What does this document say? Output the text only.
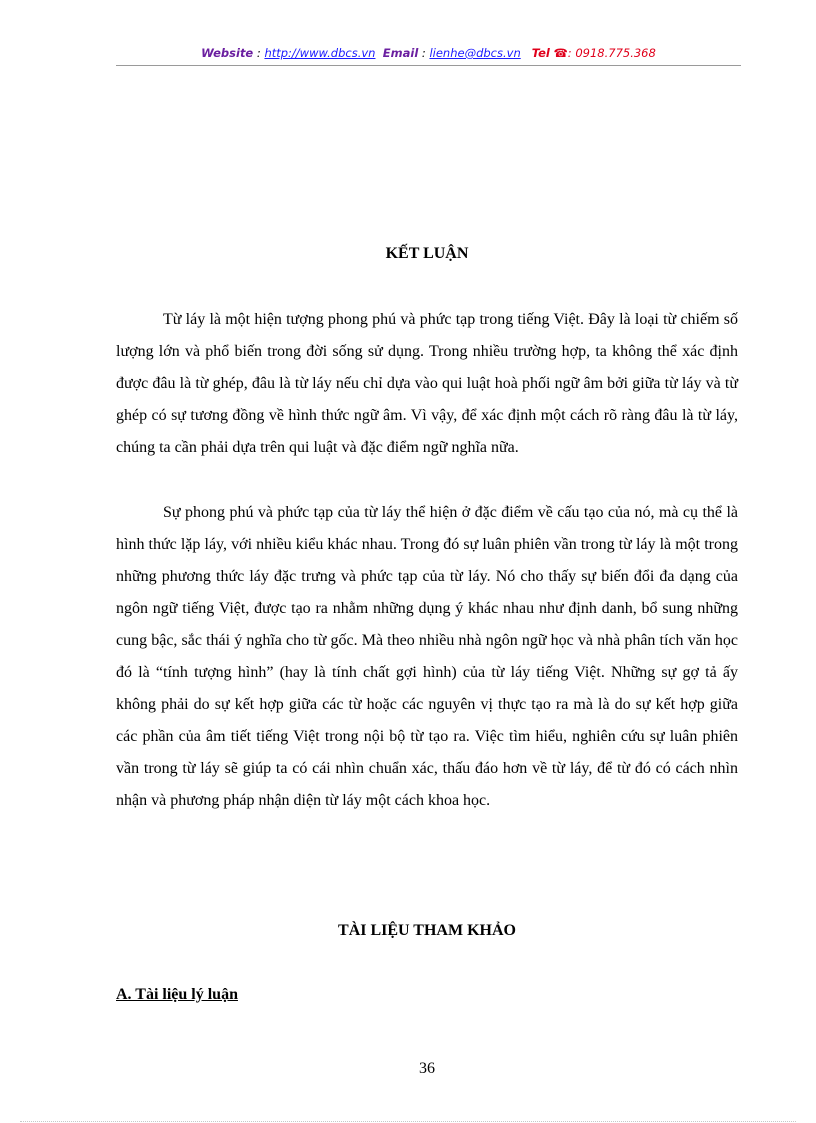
Website : http://www.dbcs.vn Email : lienhe@dbcs.vn Tel ☎: 0918.775.368
KẾT LUẬN

Từ láy là một hiện tượng phong phú và phức tạp trong tiếng Việt. Đây là loại từ chiếm số lượng lớn và phổ biến trong đời sống sử dụng. Trong nhiều trường hợp, ta không thể xác định được đâu là từ ghép, đâu là từ láy nếu chỉ dựa vào qui luật hoà phối ngữ âm bởi giữa từ láy và từ ghép có sự tương đồng về hình thức ngữ âm. Vì vậy, để xác định một cách rõ ràng đâu là từ láy, chúng ta cần phải dựa trên qui luật và đặc điểm ngữ nghĩa nữa.

Sự phong phú và phức tạp của từ láy thể hiện ở đặc điểm về cấu tạo của nó, mà cụ thể là hình thức lặp láy, với nhiều kiểu khác nhau. Trong đó sự luân phiên vần trong từ láy là một trong những phương thức láy đặc trưng và phức tạp của từ láy. Nó cho thấy sự biến đổi đa dạng của ngôn ngữ tiếng Việt, được tạo ra nhằm những dụng ý khác nhau như định danh, bổ sung những cung bậc, sắc thái ý nghĩa cho từ gốc. Mà theo nhiều nhà ngôn ngữ học và nhà phân tích văn học đó là “tính tượng hình” (hay là tính chất gợi hình) của từ láy tiếng Việt. Những sự gợ tả ấy không phải do sự kết hợp giữa các từ hoặc các nguyên vị thực tạo ra mà là do sự kết hợp giữa các phần của âm tiết tiếng Việt trong nội bộ từ tạo ra. Việc tìm hiểu, nghiên cứu sự luân phiên vần trong từ láy sẽ giúp ta có cái nhìn chuẩn xác, thấu đáo hơn về từ láy, để từ đó có cách nhìn nhận và phương pháp nhận diện từ láy một cách khoa học.

TÀI LIỆU THAM KHẢO

A. Tài liệu lý luận

36
